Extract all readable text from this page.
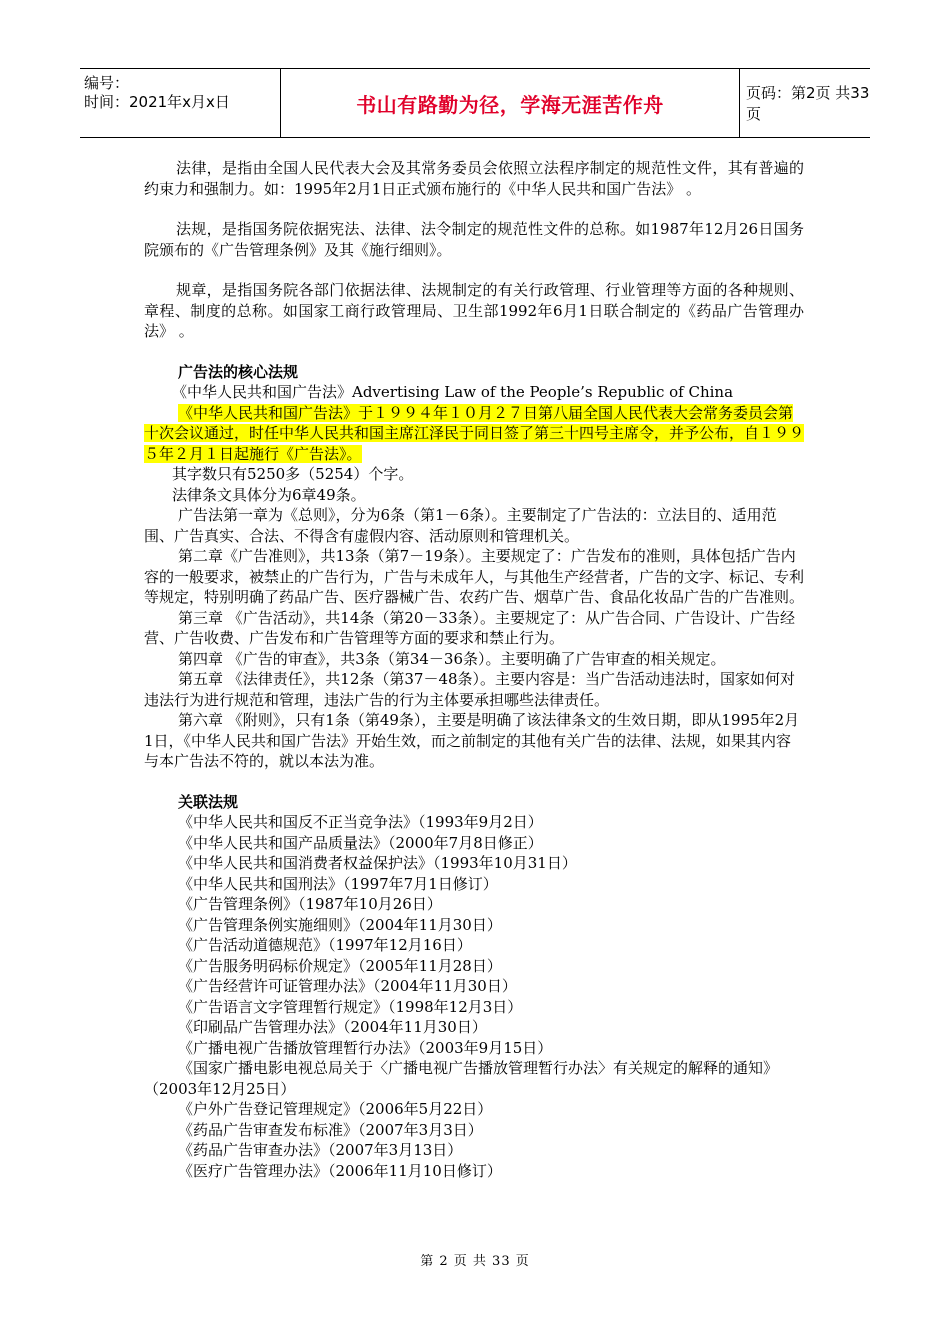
编号：
时间：2021年x月x日	书山有路勤为径，学海无涯苦作舟	页码：第2页 共33页

法律，是指由全国人民代表大会及其常务委员会依照立法程序制定的规范性文件，其有普遍的约束力和强制力。如：1995年2月1日正式颁布施行的《中华人民共和国广告法》 。

法规，是指国务院依据宪法、法律、法令制定的规范性文件的总称。如1987年12月26日国务院颁布的《广告管理条例》及其《施行细则》。

规章，是指国务院各部门依据法律、法规制定的有关行政管理、行业管理等方面的各种规则、章程、制度的总称。如国家工商行政管理局、卫生部1992年6月1日联合制定的《药品广告管理办法》 。

广告法的核心法规

《中华人民共和国广告法》Advertising Law of the People’s Republic of China

《中华人民共和国广告法》于１９９４年１０月２７日第八届全国人民代表大会常务委员会第十次会议通过，时任中华人民共和国主席江泽民于同日签了第三十四号主席令，并予公布，自１９９５年２月１日起施行《广告法》。

其字数只有5250多（5254）个字。

法律条文具体分为6章49条。

广告法第一章为《总则》，分为6条（第1－6条）。主要制定了广告法的：立法目的、适用范围、广告真实、合法、不得含有虚假内容、活动原则和管理机关。

第二章《广告准则》，共13条（第7－19条）。主要规定了：广告发布的准则，具体包括广告内容的一般要求，被禁止的广告行为，广告与未成年人，与其他生产经营者，广告的文字、标记、专利等规定，特别明确了药品广告、医疗器械广告、农药广告、烟草广告、食品化妆品广告的广告准则。

第三章 《广告活动》，共14条（第20－33条）。主要规定了：从广告合同、广告设计、广告经营、广告收费、广告发布和广告管理等方面的要求和禁止行为。

第四章 《广告的审查》，共3条（第34－36条）。主要明确了广告审查的相关规定。

第五章 《法律责任》，共12条（第37－48条）。主要内容是：当广告活动违法时，国家如何对违法行为进行规范和管理，违法广告的行为主体要承担哪些法律责任。

第六章 《附则》，只有1条（第49条），主要是明确了该法律条文的生效日期，即从1995年2月1日，《中华人民共和国广告法》开始生效，而之前制定的其他有关广告的法律、法规，如果其内容与本广告法不符的，就以本法为准。

关联法规

《中华人民共和国反不正当竞争法》（1993年9月2日）

《中华人民共和国产品质量法》（2000年7月8日修正）

《中华人民共和国消费者权益保护法》（1993年10月31日）

《中华人民共和国刑法》（1997年7月1日修订）

《广告管理条例》（1987年10月26日）

《广告管理条例实施细则》（2004年11月30日）

《广告活动道德规范》（1997年12月16日）

《广告服务明码标价规定》（2005年11月28日）

《广告经营许可证管理办法》（2004年11月30日）

《广告语言文字管理暂行规定》（1998年12月3日）

《印刷品广告管理办法》（2004年11月30日）

《广播电视广告播放管理暂行办法》（2003年9月15日）

《国家广播电影电视总局关于〈广播电视广告播放管理暂行办法〉有关规定的解释的通知》（2003年12月25日）

《户外广告登记管理规定》（2006年5月22日）

《药品广告审查发布标准》（2007年3月3日）

《药品广告审查办法》（2007年3月13日）

《医疗广告管理办法》（2006年11月10日修订）

第 2 页 共 33 页
